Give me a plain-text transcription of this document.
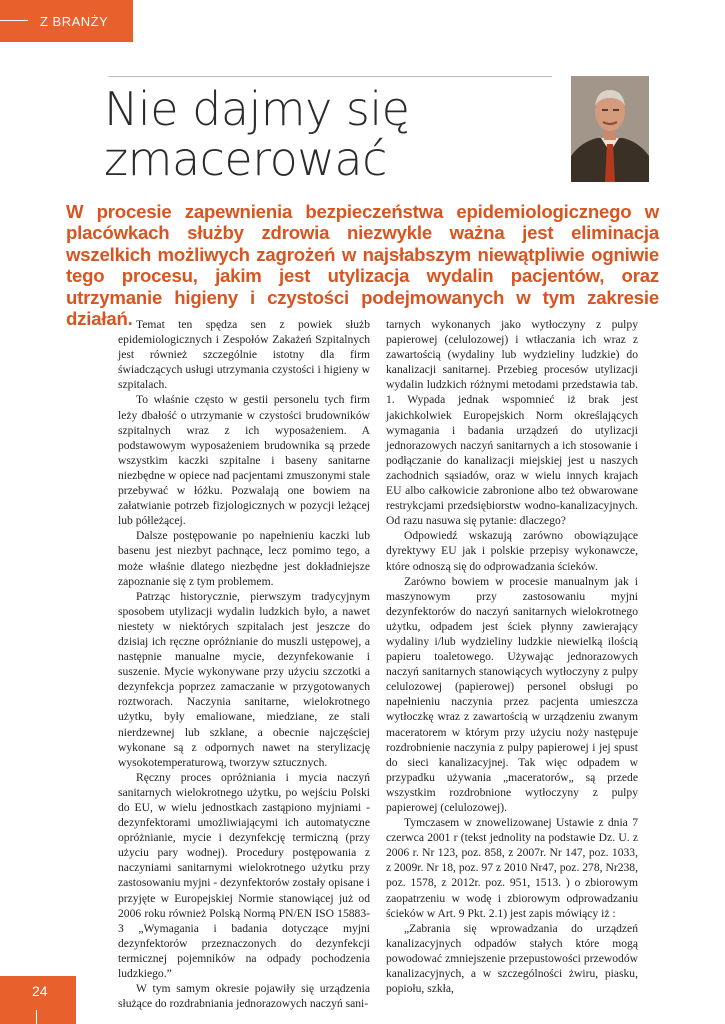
Z BRANŻY
Nie dajmy się
zmacerować

W procesie zapewnienia bezpieczeństwa epidemiologicznego w placówkach służby zdrowia niezwykle ważna jest eliminacja wszelkich możliwych zagrożeń w najsłabszym niewątpliwie ogniwie tego procesu, jakim jest utylizacja wydalin pacjentów, oraz utrzymanie higieny i czystości podejmowanych w tym zakresie działań. Temat ten spędza sen z powiek służb epidemiologicznych i Zespołów Zakażeń Szpitalnych jest również szczególnie istotny dla firm świadczących usługi utrzymania czystości i higieny w szpitalach.

To właśnie często w gestii personelu tych firm leży dbałość o utrzymanie w czystości brudowników szpitalnych wraz z ich wyposażeniem. A podstawowym wyposażeniem brudownika są przede wszystkim kaczki szpitalne i baseny sanitarne niezbędne w opiece nad pacjentami zmuszonymi stale przebywać w łóżku. Pozwalają one bowiem na załatwianie potrzeb fizjologicznych w pozycji leżącej lub półleżącej.

Dalsze postępowanie po napełnieniu kaczki lub basenu jest niezbyt pachnące, lecz pomimo tego, a może właśnie dlatego niezbędne jest dokładniejsze zapoznanie się z tym problemem.

Patrząc historycznie, pierwszym tradycyjnym sposobem utylizacji wydalin ludzkich było, a nawet niestety w niektórych szpitalach jest jeszcze do dzisiaj ich ręczne opróżnianie do muszli ustępowej, a następnie manualne mycie, dezynfekowanie i suszenie. Mycie wykonywane przy użyciu szczotki a dezynfekcja poprzez zamaczanie w przygotowanych roztworach. Naczynia sanitarne, wielokrotnego użytku, były emaliowane, miedziane, ze stali nierdzewnej lub szklane, a obecnie najczęściej wykonane są z odpornych nawet na sterylizację wysokotemperaturową, tworzyw sztucznych.

Ręczny proces opróżniania i mycia naczyń sanitarnych wielokrotnego użytku, po wejściu Polski do EU, w wielu jednostkach zastąpiono myjniami - dezynfektorami umożliwiającymi ich automatyczne opróżnianie, mycie i dezynfekcję termiczną (przy użyciu pary wodnej). Procedury postępowania z naczyniami sanitarnymi wielokrotnego użytku przy zastosowaniu myjni - dezynfektorów zostały opisane i przyjęte w Europejskiej Normie stanowiącej już od 2006 roku również Polską Normą PN/EN ISO 15883-3 „Wymagania i badania dotyczące myjni dezynfektorów przeznaczonych do dezynfekcji termicznej pojemników na odpady pochodzenia ludzkiego.”

W tym samym okresie pojawiły się urządzenia służące do rozdrabniania jednorazowych naczyń sani-

tarnych wykonanych jako wytłoczyny z pulpy papierowej (celulozowej) i wtłaczania ich wraz z zawartością (wydaliny lub wydzieliny ludzkie) do kanalizacji sanitarnej. Przebieg procesów utylizacji wydalin ludzkich różnymi metodami przedstawia tab. 1. Wypada jednak wspomnieć iż brak jest jakichkolwiek Europejskich Norm określających wymagania i badania urządzeń do utylizacji jednorazowych naczyń sanitarnych a ich stosowanie i podłączanie do kanalizacji miejskiej jest u naszych zachodnich sąsiadów, oraz w wielu innych krajach EU albo całkowicie zabronione albo też obwarowane restrykcjami przedsiębiorstw wodno-kanalizacyjnych. Od razu nasuwa się pytanie: dlaczego?

Odpowiedź wskazują zarówno obowiązujące dyrektywy EU jak i polskie przepisy wykonawcze, które odnoszą się do odprowadzania ścieków.

Zarówno bowiem w procesie manualnym jak i maszynowym przy zastosowaniu myjni dezynfektorów do naczyń sanitarnych wielokrotnego użytku, odpadem jest ściek płynny zawierający wydaliny i/lub wydzieliny ludzkie niewielką ilością papieru toaletowego. Używając jednorazowych naczyń sanitarnych stanowiących wytłoczyny z pulpy celulozowej (papierowej) personel obsługi po napełnieniu naczynia przez pacjenta umieszcza wytłoczkę wraz z zawartością w urządzeniu zwanym maceratorem w którym przy użyciu noży następuje rozdrobnienie naczynia z pulpy papierowej i jej spust do sieci kanalizacyjnej. Tak więc odpadem w przypadku używania „maceratorów„ są przede wszystkim rozdrobnione wytłoczyny z pulpy papierowej (celulozowej).

Tymczasem w znowelizowanej Ustawie z dnia 7 czerwca 2001 r (tekst jednolity na podstawie Dz. U. z 2006 r. Nr 123, poz. 858, z 2007r. Nr 147, poz. 1033, z 2009r. Nr 18, poz. 97 z 2010 Nr47, poz. 278, Nr238, poz. 1578, z 2012r. poz. 951, 1513. ) o zbiorowym zaopatrzeniu w wodę i zbiorowym odprowadzaniu ścieków w Art. 9 Pkt. 2.1) jest zapis mówiący iż :

„Zabrania się wprowadzania do urządzeń kanalizacyjnych odpadów stałych które mogą powodować zmniejszenie przepustowości przewodów kanalizacyjnych, a w szczególności żwiru, piasku, popiołu, szkła,

24
